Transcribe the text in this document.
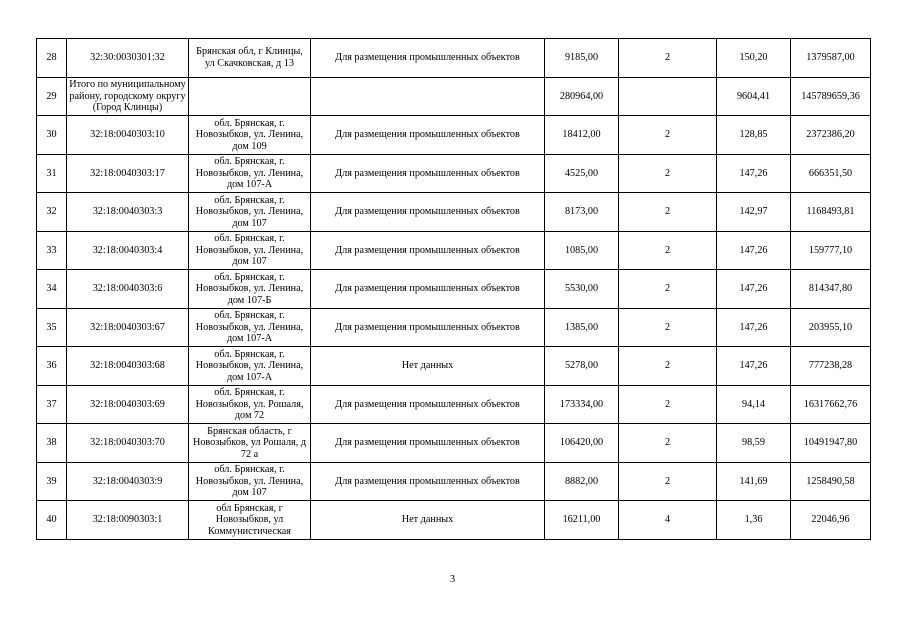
28	32:30:0030301:32	Брянская обл, г Клинцы, ул Скачковская, д 13	Для размещения промышленных объектов	9185,00	2	150,20	1379587,00
29	Итого по муниципальному району, городскому округу (Город Клинцы)			280964,00		9604,41	145789659,36
30	32:18:0040303:10	обл. Брянская, г. Новозыбков, ул. Ленина, дом 109	Для размещения промышленных объектов	18412,00	2	128,85	2372386,20
31	32:18:0040303:17	обл. Брянская, г. Новозыбков, ул. Ленина, дом 107-А	Для размещения промышленных объектов	4525,00	2	147,26	666351,50
32	32:18:0040303:3	обл. Брянская, г. Новозыбков, ул. Ленина, дом 107	Для размещения промышленных объектов	8173,00	2	142,97	1168493,81
33	32:18:0040303:4	обл. Брянская, г. Новозыбков, ул. Ленина, дом 107	Для размещения промышленных объектов	1085,00	2	147,26	159777,10
34	32:18:0040303:6	обл. Брянская, г. Новозыбков, ул. Ленина, дом 107-Б	Для размещения промышленных объектов	5530,00	2	147,26	814347,80
35	32:18:0040303:67	обл. Брянская, г. Новозыбков, ул. Ленина, дом 107-А	Для размещения промышленных объектов	1385,00	2	147,26	203955,10
36	32:18:0040303:68	обл. Брянская, г. Новозыбков, ул. Ленина, дом 107-А	Нет данных	5278,00	2	147,26	777238,28
37	32:18:0040303:69	обл. Брянская, г. Новозыбков, ул. Рошаля, дом 72	Для размещения промышленных объектов	173334,00	2	94,14	16317662,76
38	32:18:0040303:70	Брянская область, г Новозыбков, ул Рошаля, д 72 а	Для размещения промышленных объектов	106420,00	2	98,59	10491947,80
39	32:18:0040303:9	обл. Брянская, г. Новозыбков, ул. Ленина, дом 107	Для размещения промышленных объектов	8882,00	2	141,69	1258490,58
40	32:18:0090303:1	обл Брянская, г Новозыбков, ул Коммунистическая	Нет данных	16211,00	4	1,36	22046,96
3
